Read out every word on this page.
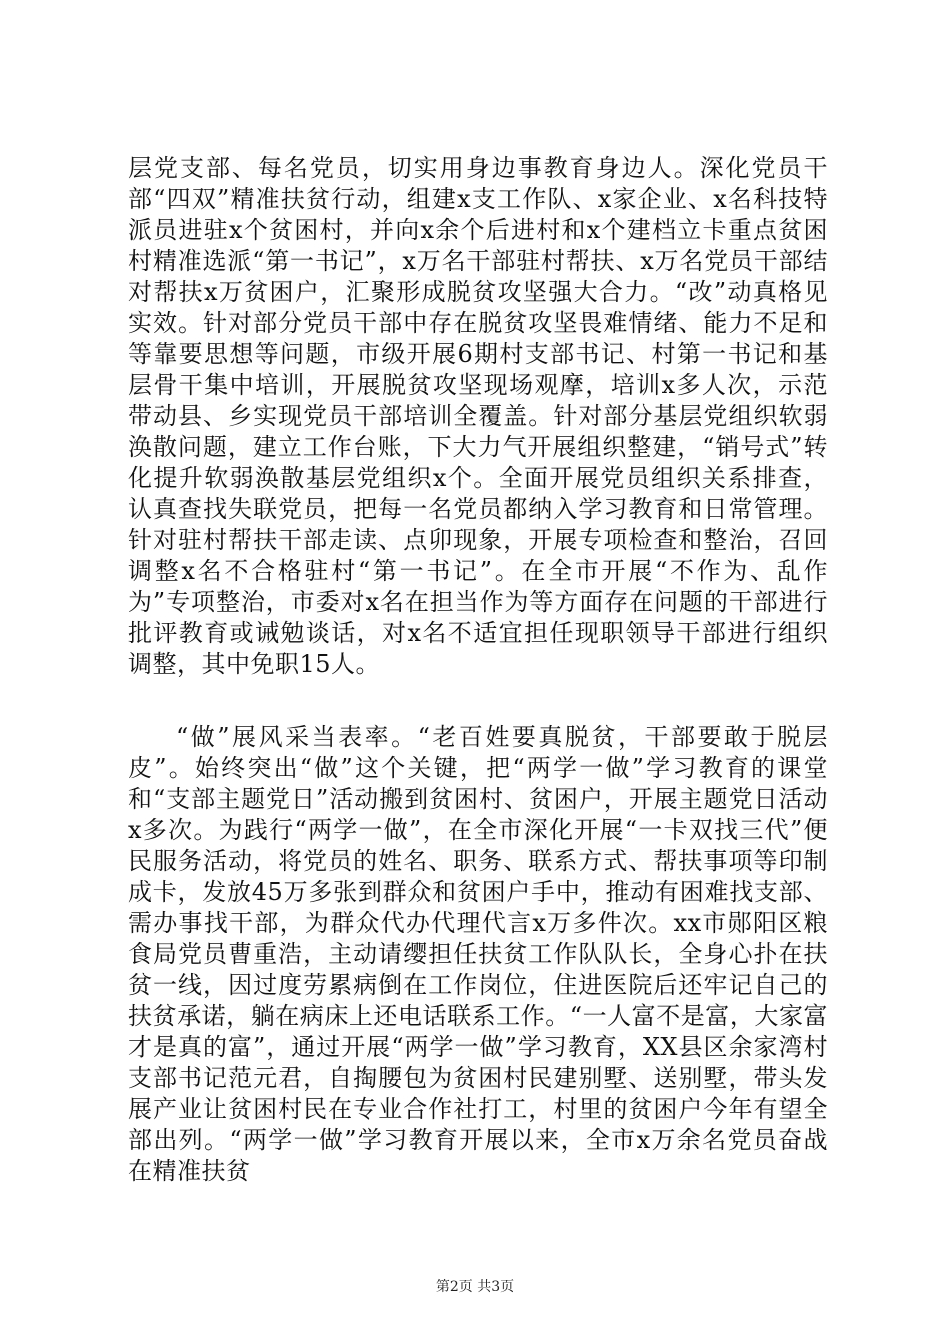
层党支部、每名党员，切实用身边事教育身边人。深化党员干部“四双”精准扶贫行动，组建x支工作队、x家企业、x名科技特派员进驻x个贫困村，并向x余个后进村和x个建档立卡重点贫困村精准选派“第一书记”，x万名干部驻村帮扶、x万名党员干部结对帮扶x万贫困户，汇聚形成脱贫攻坚强大合力。“改”动真格见实效。针对部分党员干部中存在脱贫攻坚畏难情绪、能力不足和等靠要思想等问题，市级开展6期村支部书记、村第一书记和基层骨干集中培训，开展脱贫攻坚现场观摩，培训x多人次，示范带动县、乡实现党员干部培训全覆盖。针对部分基层党组织软弱涣散问题，建立工作台账，下大力气开展组织整建，“销号式”转化提升软弱涣散基层党组织x个。全面开展党员组织关系排查，认真查找失联党员，把每一名党员都纳入学习教育和日常管理。针对驻村帮扶干部走读、点卯现象，开展专项检查和整治，召回调整x名不合格驻村“第一书记”。在全市开展“不作为、乱作为”专项整治，市委对x名在担当作为等方面存在问题的干部进行批评教育或诫勉谈话，对x名不适宜担任现职领导干部进行组织调整，其中免职15人。

“做”展风采当表率。“老百姓要真脱贫，干部要敢于脱层皮”。始终突出“做”这个关键，把“两学一做”学习教育的课堂和“支部主题党日”活动搬到贫困村、贫困户，开展主题党日活动x多次。为践行“两学一做”，在全市深化开展“一卡双找三代”便民服务活动，将党员的姓名、职务、联系方式、帮扶事项等印制成卡，发放45万多张到群众和贫困户手中，推动有困难找支部、需办事找干部，为群众代办代理代言x万多件次。xx市郧阳区粮食局党员曹重浩，主动请缨担任扶贫工作队队长，全身心扑在扶贫一线，因过度劳累病倒在工作岗位，住进医院后还牢记自己的扶贫承诺，躺在病床上还电话联系工作。“一人富不是富，大家富才是真的富”，通过开展“两学一做”学习教育，XX县区余家湾村支部书记范元君，自掏腰包为贫困村民建别墅、送别墅，带头发展产业让贫困村民在专业合作社打工，村里的贫困户今年有望全部出列。“两学一做”学习教育开展以来，全市x万余名党员奋战在精准扶贫

第2页 共3页
